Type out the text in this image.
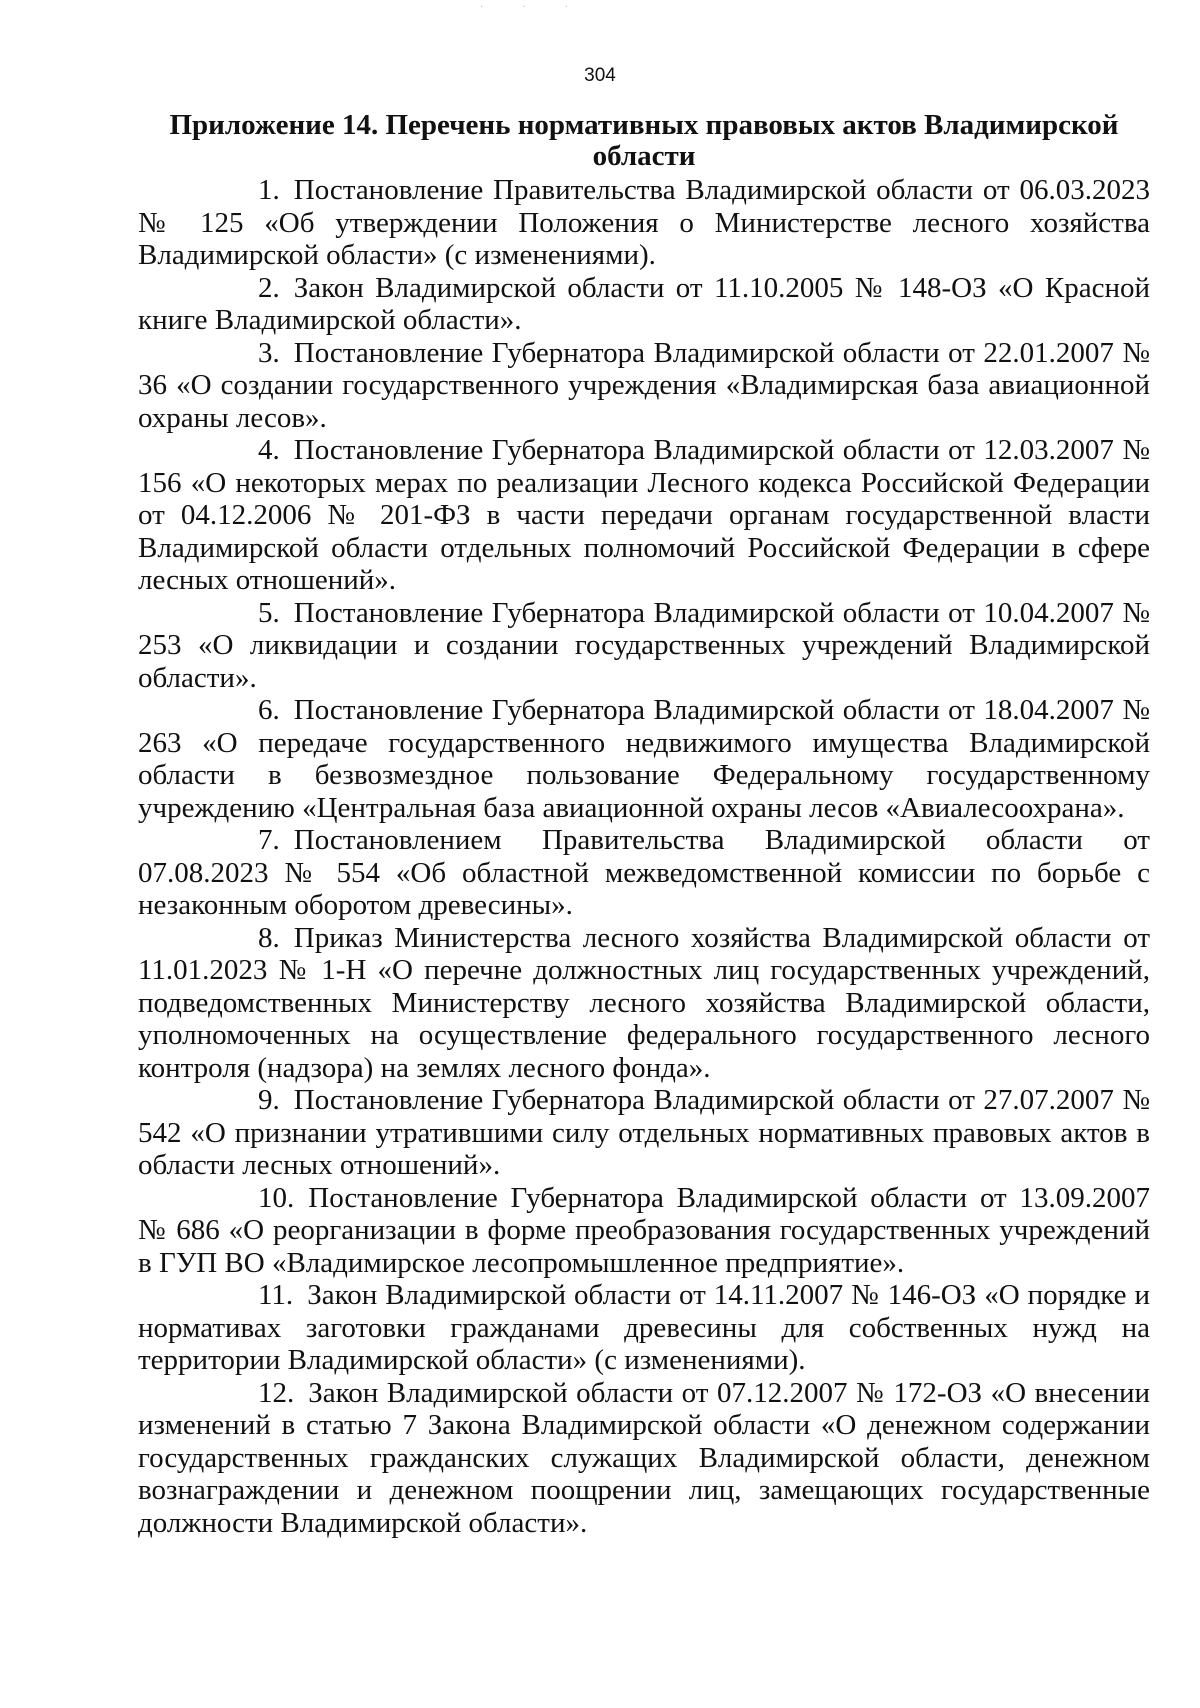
· · ·
304
Приложение 14. Перечень нормативных правовых актов Владимирской области
1. Постановление Правительства Владимирской области от 06.03.2023 № 125 «Об утверждении Положения о Министерстве лесного хозяйства Владимирской области» (с изменениями).
2. Закон Владимирской области от 11.10.2005 № 148-ОЗ «О Красной книге Владимирской области».
3. Постановление Губернатора Владимирской области от 22.01.2007 № 36 «О создании государственного учреждения «Владимирская база авиационной охраны лесов».
4. Постановление Губернатора Владимирской области от 12.03.2007 № 156 «О некоторых мерах по реализации Лесного кодекса Российской Федерации от 04.12.2006 № 201-ФЗ в части передачи органам государственной власти Владимирской области отдельных полномочий Российской Федерации в сфере лесных отношений».
5. Постановление Губернатора Владимирской области от 10.04.2007 № 253 «О ликвидации и создании государственных учреждений Владимирской области».
6. Постановление Губернатора Владимирской области от 18.04.2007 № 263 «О передаче государственного недвижимого имущества Владимирской области в безвозмездное пользование Федеральному государственному учреждению «Центральная база авиационной охраны лесов «Авиалесоохрана».
7. Постановлением Правительства Владимирской области от 07.08.2023 № 554 «Об областной межведомственной комиссии по борьбе с незаконным оборотом древесины».
8. Приказ Министерства лесного хозяйства Владимирской области от 11.01.2023 № 1-Н «О перечне должностных лиц государственных учреждений, подведомственных Министерству лесного хозяйства Владимирской области, уполномоченных на осуществление федерального государственного лесного контроля (надзора) на землях лесного фонда».
9. Постановление Губернатора Владимирской области от 27.07.2007 № 542 «О признании утратившими силу отдельных нормативных правовых актов в области лесных отношений».
10. Постановление Губернатора Владимирской области от 13.09.2007 № 686 «О реорганизации в форме преобразования государственных учреждений в ГУП ВО «Владимирское лесопромышленное предприятие».
11. Закон Владимирской области от 14.11.2007 № 146-ОЗ «О порядке и нормативах заготовки гражданами древесины для собственных нужд на территории Владимирской области» (с изменениями).
12. Закон Владимирской области от 07.12.2007 № 172-ОЗ «О внесении изменений в статью 7 Закона Владимирской области «О денежном содержании государственных гражданских служащих Владимирской области, денежном вознаграждении и денежном поощрении лиц, замещающих государственные должности Владимирской области».
